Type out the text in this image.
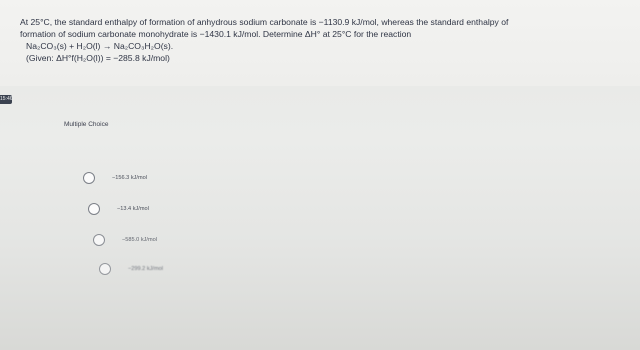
At 25°C, the standard enthalpy of formation of anhydrous sodium carbonate is −1130.9 kJ/mol, whereas the standard enthalpy of
formation of sodium carbonate monohydrate is −1430.1 kJ/mol. Determine ΔH° at 25°C for the reaction
Na₂CO₃(s) + H₂O(l) → Na₂CO₃H₂O(s).
(Given: ΔH°f(H₂O(l)) = −285.8 kJ/mol)
15:46
Multiple Choice
−156.3 kJ/mol
−13.4 kJ/mol
−585.0 kJ/mol
−299.2 kJ/mol
